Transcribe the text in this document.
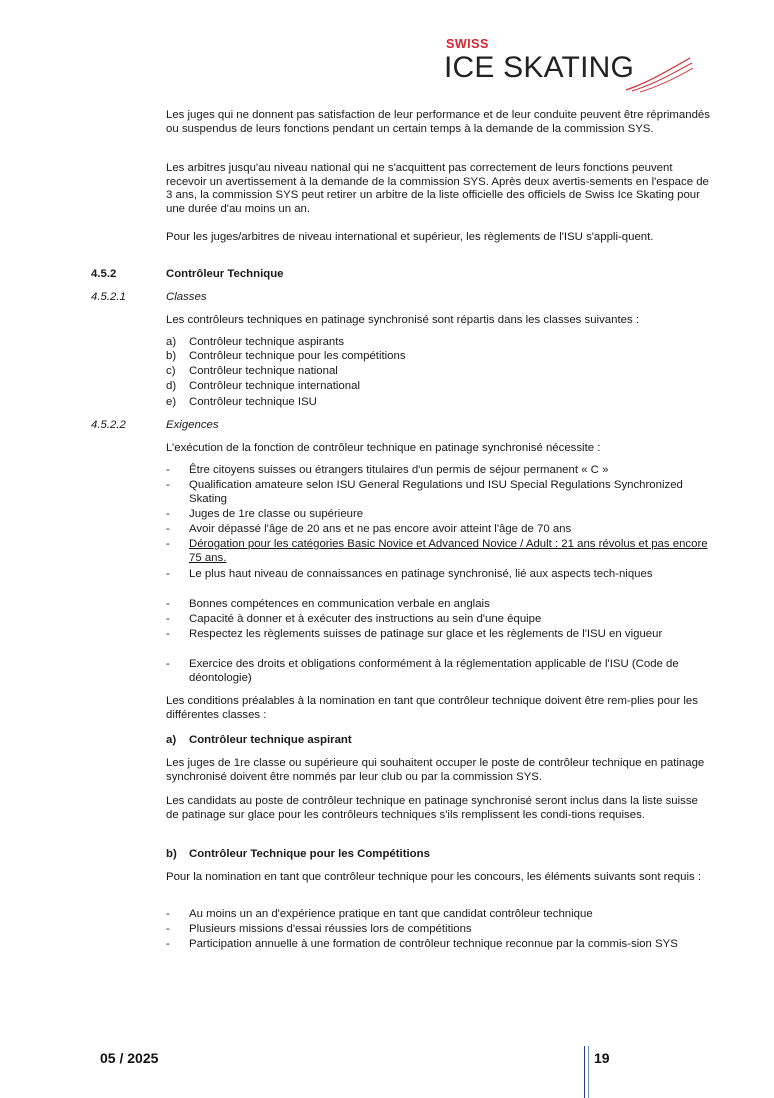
SWISS
ICE SKATING

Les juges qui ne donnent pas satisfaction de leur performance et de leur conduite peuvent être réprimandés ou suspendus de leurs fonctions pendant un certain temps à la demande de la commission SYS.

Les arbitres jusqu'au niveau national qui ne s'acquittent pas correctement de leurs fonctions peuvent recevoir un avertissement à la demande de la commission SYS. Après deux avertis-sements en l'espace de 3 ans, la commission SYS peut retirer un arbitre de la liste officielle des officiels de Swiss Ice Skating pour une durée d'au moins un an.

Pour les juges/arbitres de niveau international et supérieur, les règlements de l'ISU s'appli-quent.

4.5.2	Contrôleur Technique

4.5.2.1	Classes

Les contrôleurs techniques en patinage synchronisé sont répartis dans les classes suivantes :

a) Contrôleur technique aspirants
b) Contrôleur technique pour les compétitions
c) Contrôleur technique national
d) Contrôleur technique international
e) Contrôleur technique ISU

4.5.2.2	Exigences

L’exécution de la fonction de contrôleur technique en patinage synchronisé nécessite :

- Être citoyens suisses ou étrangers titulaires d'un permis de séjour permanent « C »
- Qualification amateure selon ISU General Regulations und ISU Special Regulations Synchronized Skating
- Juges de 1re classe ou supérieure
- Avoir dépassé l'âge de 20 ans et ne pas encore avoir atteint l'âge de 70 ans
- Dérogation pour les catégories Basic Novice et Advanced Novice / Adult : 21 ans révolus et pas encore 75 ans.
- Le plus haut niveau de connaissances en patinage synchronisé, lié aux aspects tech-niques
- Bonnes compétences en communication verbale en anglais
- Capacité à donner et à exécuter des instructions au sein d'une équipe
- Respectez les règlements suisses de patinage sur glace et les règlements de l'ISU en vigueur
- Exercice des droits et obligations conformément à la réglementation applicable de l'ISU (Code de déontologie)

Les conditions préalables à la nomination en tant que contrôleur technique doivent être rem-plies pour les différentes classes :

a) Contrôleur technique aspirant

Les juges de 1re classe ou supérieure qui souhaitent occuper le poste de contrôleur technique en patinage synchronisé doivent être nommés par leur club ou par la commission SYS.

Les candidats au poste de contrôleur technique en patinage synchronisé seront inclus dans la liste suisse de patinage sur glace pour les contrôleurs techniques s'ils remplissent les condi-tions requises.

b) Contrôleur Technique pour les Compétitions

Pour la nomination en tant que contrôleur technique pour les concours, les éléments suivants sont requis :

- Au moins un an d'expérience pratique en tant que candidat contrôleur technique
- Plusieurs missions d'essai réussies lors de compétitions
- Participation annuelle à une formation de contrôleur technique reconnue par la commis-sion SYS
05 / 2025	19
